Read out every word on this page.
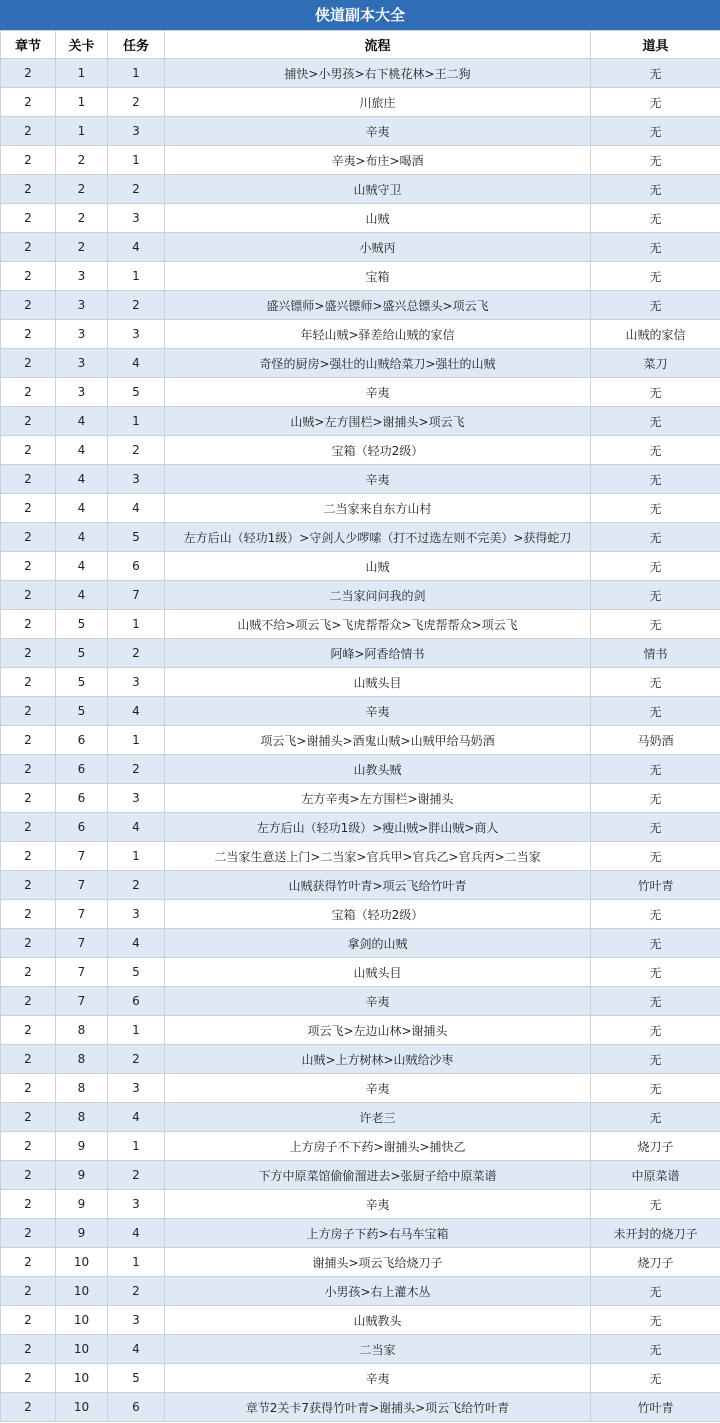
侠道副本大全
章节	关卡	任务	流程	道具
2	1	1	捕快>小男孩>右下桃花林>王二狗	无
2	1	2	川旅庄	无
2	1	3	辛夷	无
2	2	1	辛夷>布庄>喝酒	无
2	2	2	山贼守卫	无
2	2	3	山贼	无
2	2	4	小贼丙	无
2	3	1	宝箱	无
2	3	2	盛兴镖师>盛兴镖师>盛兴总镖头>项云飞	无
2	3	3	年轻山贼>驿差给山贼的家信	山贼的家信
2	3	4	奇怪的厨房>强壮的山贼给菜刀>强壮的山贼	菜刀
2	3	5	辛夷	无
2	4	1	山贼>左方围栏>谢捕头>项云飞	无
2	4	2	宝箱（轻功2级）	无
2	4	3	辛夷	无
2	4	4	二当家来自东方山村	无
2	4	5	左方后山（轻功1级）>守剑人少啰嗦（打不过选左则不完美）>获得蛇刀	无
2	4	6	山贼	无
2	4	7	二当家问问我的剑	无
2	5	1	山贼不给>项云飞>飞虎帮帮众>飞虎帮帮众>项云飞	无
2	5	2	阿峰>阿香给情书	情书
2	5	3	山贼头目	无
2	5	4	辛夷	无
2	6	1	项云飞>谢捕头>酒鬼山贼>山贼甲给马奶酒	马奶酒
2	6	2	山教头贼	无
2	6	3	左方辛夷>左方围栏>谢捕头	无
2	6	4	左方后山（轻功1级）>瘦山贼>胖山贼>商人	无
2	7	1	二当家生意送上门>二当家>官兵甲>官兵乙>官兵丙>二当家	无
2	7	2	山贼获得竹叶青>项云飞给竹叶青	竹叶青
2	7	3	宝箱（轻功2级）	无
2	7	4	拿剑的山贼	无
2	7	5	山贼头目	无
2	7	6	辛夷	无
2	8	1	项云飞>左边山林>谢捕头	无
2	8	2	山贼>上方树林>山贼给沙枣	无
2	8	3	辛夷	无
2	8	4	许老三	无
2	9	1	上方房子不下药>谢捕头>捕快乙	烧刀子
2	9	2	下方中原菜馆偷偷溜进去>张厨子给中原菜谱	中原菜谱
2	9	3	辛夷	无
2	9	4	上方房子下药>右马车宝箱	未开封的烧刀子
2	10	1	谢捕头>项云飞给烧刀子	烧刀子
2	10	2	小男孩>右上灌木丛	无
2	10	3	山贼教头	无
2	10	4	二当家	无
2	10	5	辛夷	无
2	10	6	章节2关卡7获得竹叶青>谢捕头>项云飞给竹叶青	竹叶青
